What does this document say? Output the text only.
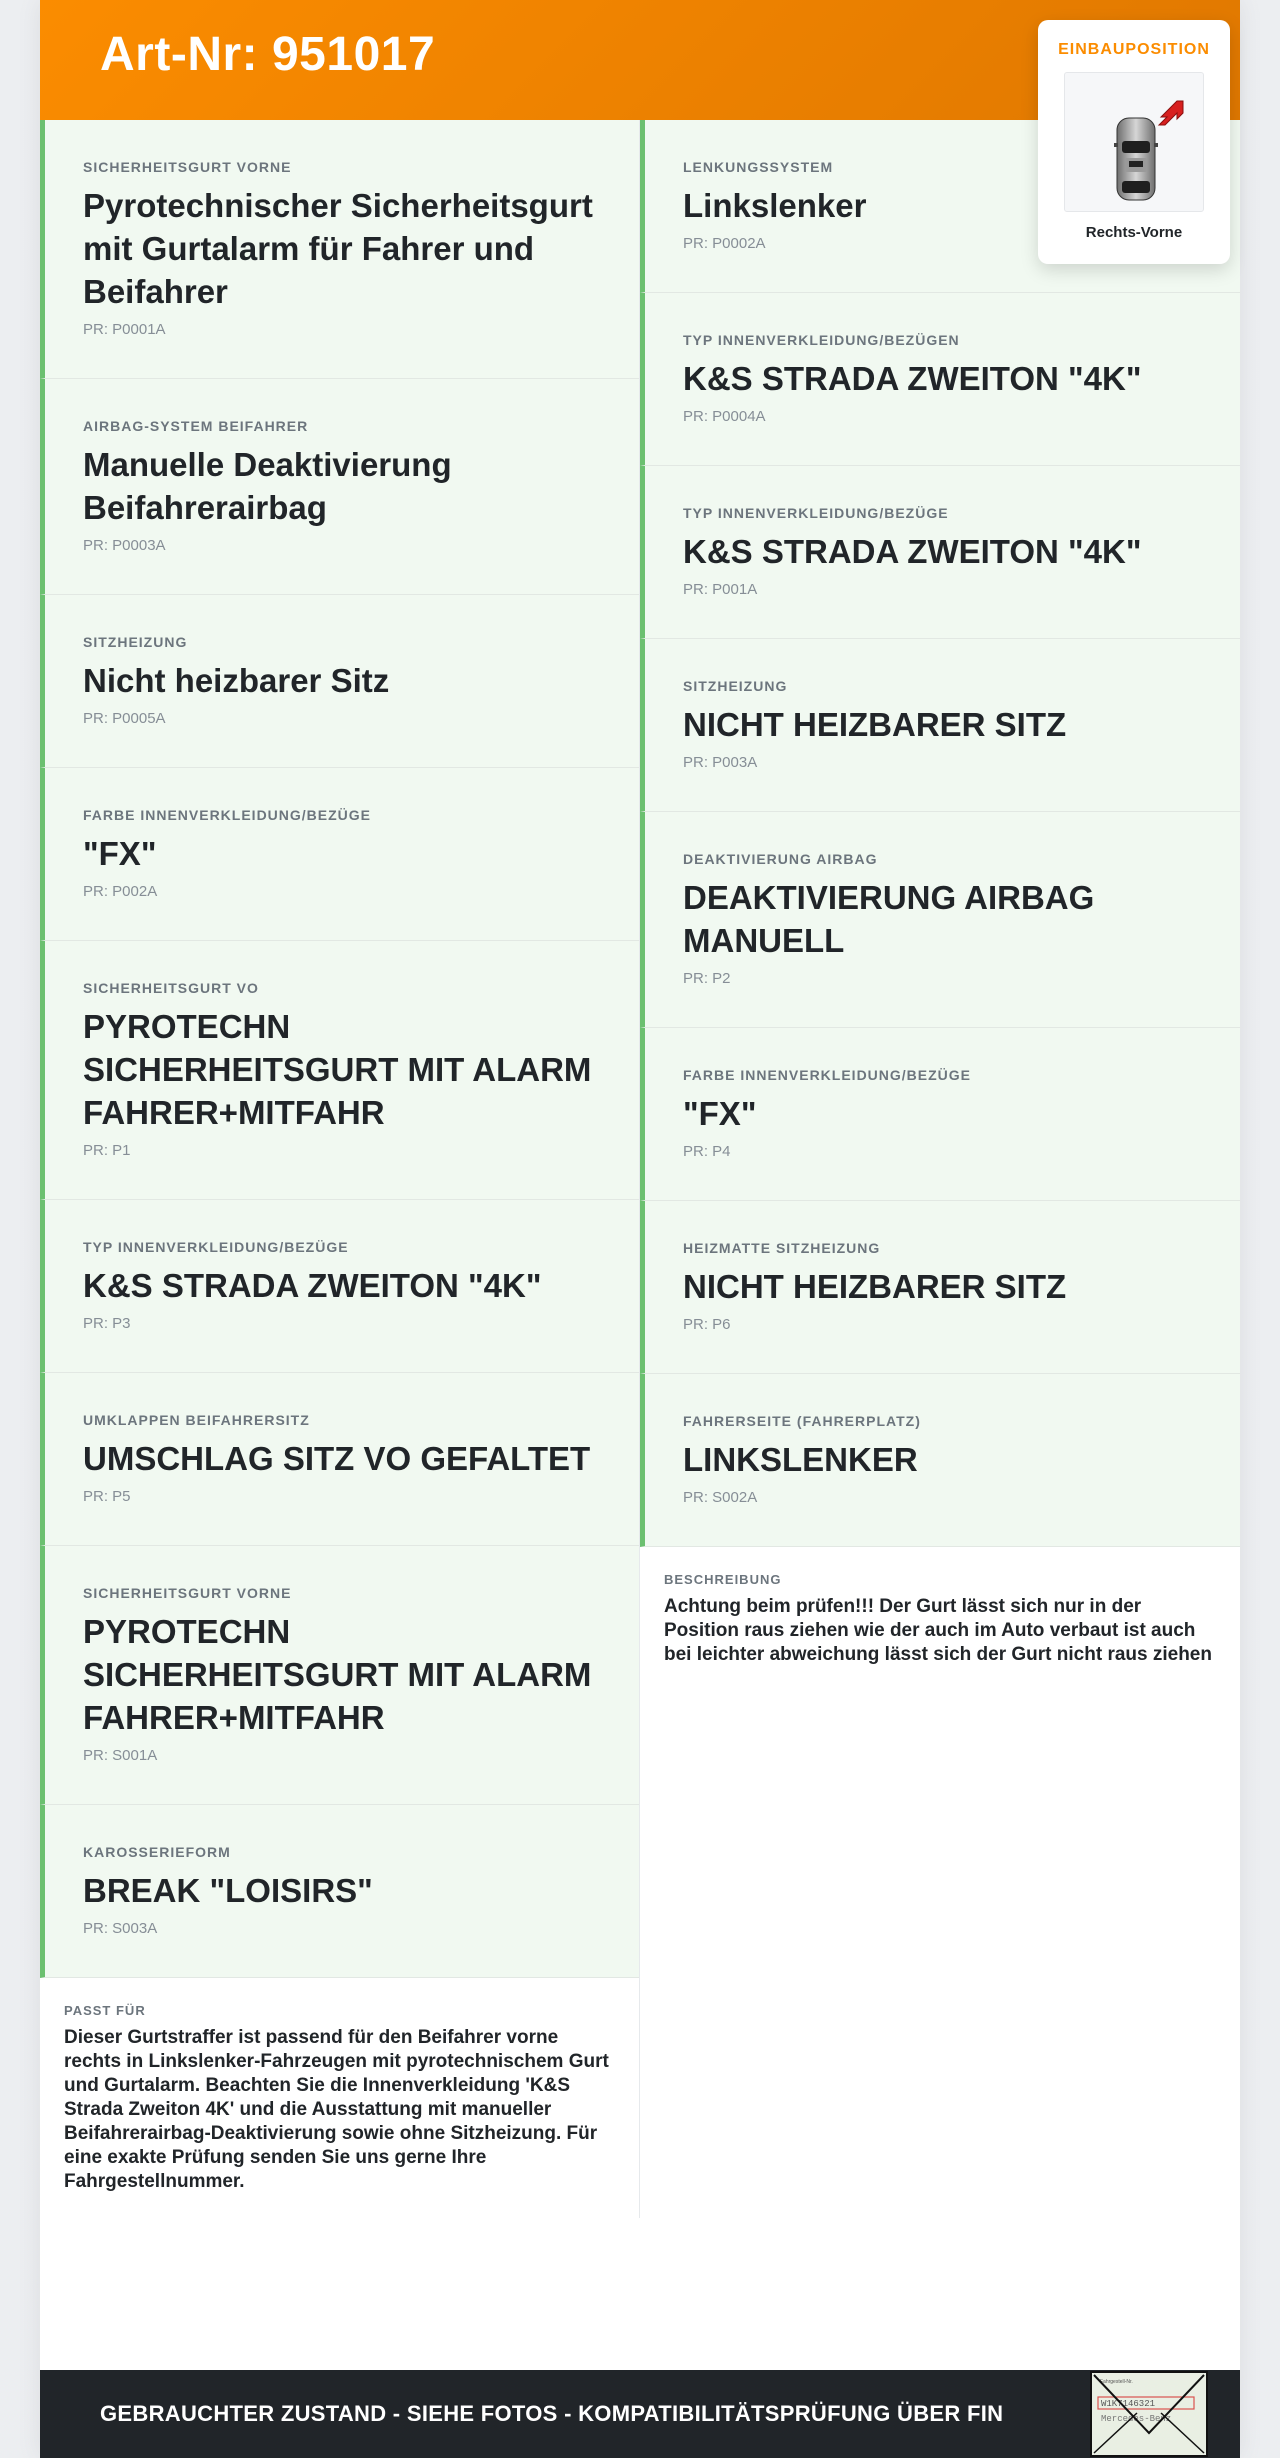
Art-Nr: 951017	EINBAUPOSITION
Rechts-Vorne
SICHERHEITSGURT VORNE
Pyrotechnischer Sicherheitsgurt mit Gurtalarm für Fahrer und Beifahrer
PR: P0001A
AIRBAG-SYSTEM BEIFAHRER
Manuelle Deaktivierung Beifahrerairbag
PR: P0003A
SITZHEIZUNG
Nicht heizbarer Sitz
PR: P0005A
FARBE INNENVERKLEIDUNG/BEZÜGE
"FX"
PR: P002A
SICHERHEITSGURT VO
PYROTECHN SICHERHEITSGURT MIT ALARM FAHRER+MITFAHR
PR: P1
TYP INNENVERKLEIDUNG/BEZÜGE
K&S STRADA ZWEITON "4K"
PR: P3
UMKLAPPEN BEIFAHRERSITZ
UMSCHLAG SITZ VO GEFALTET
PR: P5
SICHERHEITSGURT VORNE
PYROTECHN SICHERHEITSGURT MIT ALARM FAHRER+MITFAHR
PR: S001A
KAROSSERIEFORM
BREAK "LOISIRS"
PR: S003A
PASST FÜR
Dieser Gurtstraffer ist passend für den Beifahrer vorne rechts in Linkslenker-Fahrzeugen mit pyrotechnischem Gurt und Gurtalarm. Beachten Sie die Innenverkleidung 'K&S Strada Zweiton 4K' und die Ausstattung mit manueller Beifahrerairbag-Deaktivierung sowie ohne Sitzheizung. Für eine exakte Prüfung senden Sie uns gerne Ihre Fahrgestellnummer.
LENKUNGSSYSTEM
Linkslenker
PR: P0002A
TYP INNENVERKLEIDUNG/BEZÜGEN
K&S STRADA ZWEITON "4K"
PR: P0004A
TYP INNENVERKLEIDUNG/BEZÜGE
K&S STRADA ZWEITON "4K"
PR: P001A
SITZHEIZUNG
NICHT HEIZBARER SITZ
PR: P003A
DEAKTIVIERUNG AIRBAG
DEAKTIVIERUNG AIRBAG MANUELL
PR: P2
FARBE INNENVERKLEIDUNG/BEZÜGE
"FX"
PR: P4
HEIZMATTE SITZHEIZUNG
NICHT HEIZBARER SITZ
PR: P6
FAHRERSEITE (FAHRERPLATZ)
LINKSLENKER
PR: S002A
BESCHREIBUNG
Achtung beim prüfen!!! Der Gurt lässt sich nur in der Position raus ziehen wie der auch im Auto verbaut ist auch bei leichter abweichung lässt sich der Gurt nicht raus ziehen
GEBRAUCHTER ZUSTAND - SIEHE FOTOS - KOMPATIBILITÄTSPRÜFUNG ÜBER FIN
Fahrgestell-Nr.
W1K7146321
Mercedes-Benz
